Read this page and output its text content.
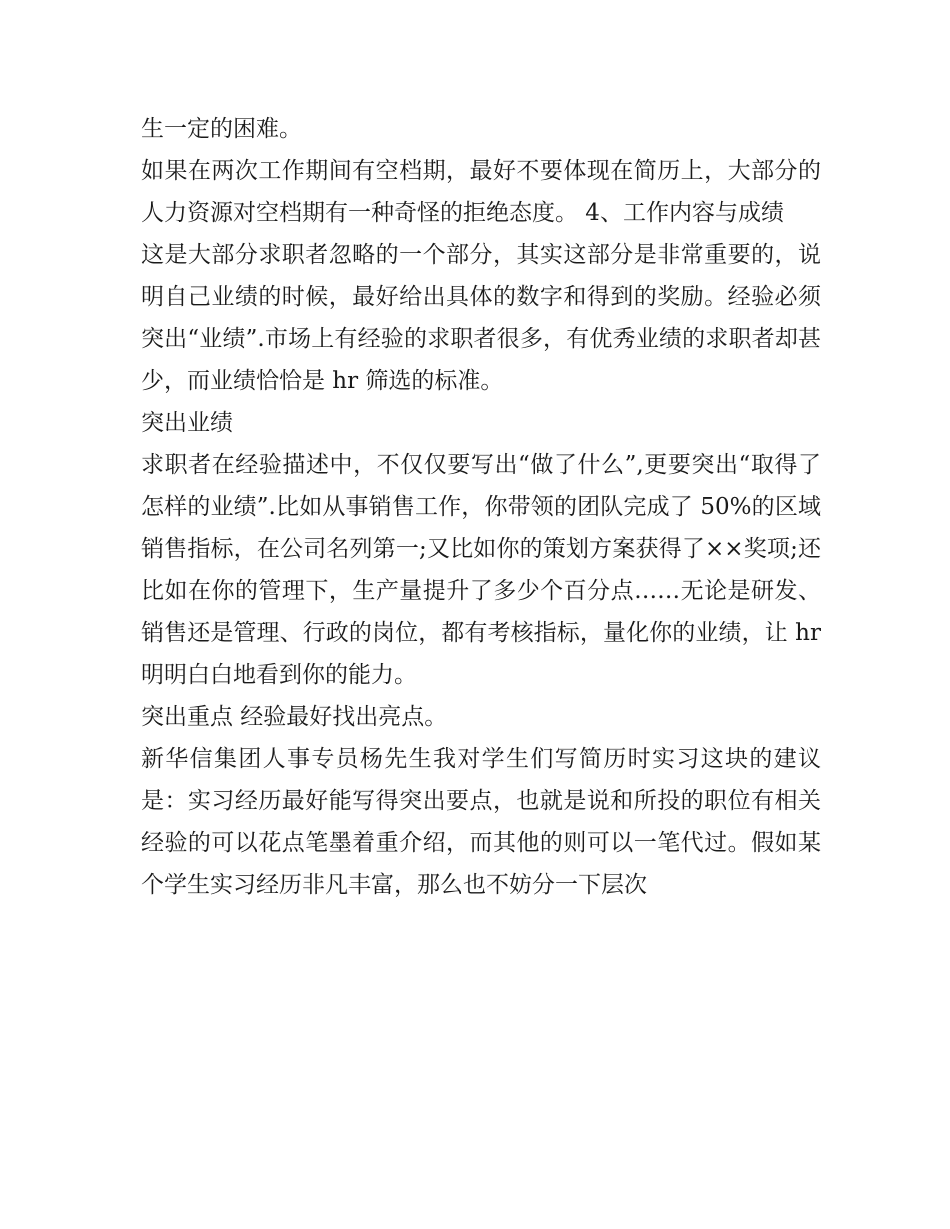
生一定的困难。

如果在两次工作期间有空档期，最好不要体现在简历上，大部分的人力资源对空档期有一种奇怪的拒绝态度。 4、工作内容与成绩

这是大部分求职者忽略的一个部分，其实这部分是非常重要的，说明自己业绩的时候，最好给出具体的数字和得到的奖励。经验必须突出“业绩”.市场上有经验的求职者很多，有优秀业绩的求职者却甚少，而业绩恰恰是 hr 筛选的标准。

突出业绩

求职者在经验描述中，不仅仅要写出“做了什么”,更要突出“取得了怎样的业绩”.比如从事销售工作，你带领的团队完成了 50%的区域销售指标，在公司名列第一;又比如你的策划方案获得了××奖项;还比如在你的管理下，生产量提升了多少个百分点……无论是研发、销售还是管理、行政的岗位，都有考核指标，量化你的业绩，让 hr 明明白白地看到你的能力。

突出重点 经验最好找出亮点。

新华信集团人事专员杨先生我对学生们写简历时实习这块的建议是：实习经历最好能写得突出要点，也就是说和所投的职位有相关经验的可以花点笔墨着重介绍，而其他的则可以一笔代过。假如某个学生实习经历非凡丰富，那么也不妨分一下层次
